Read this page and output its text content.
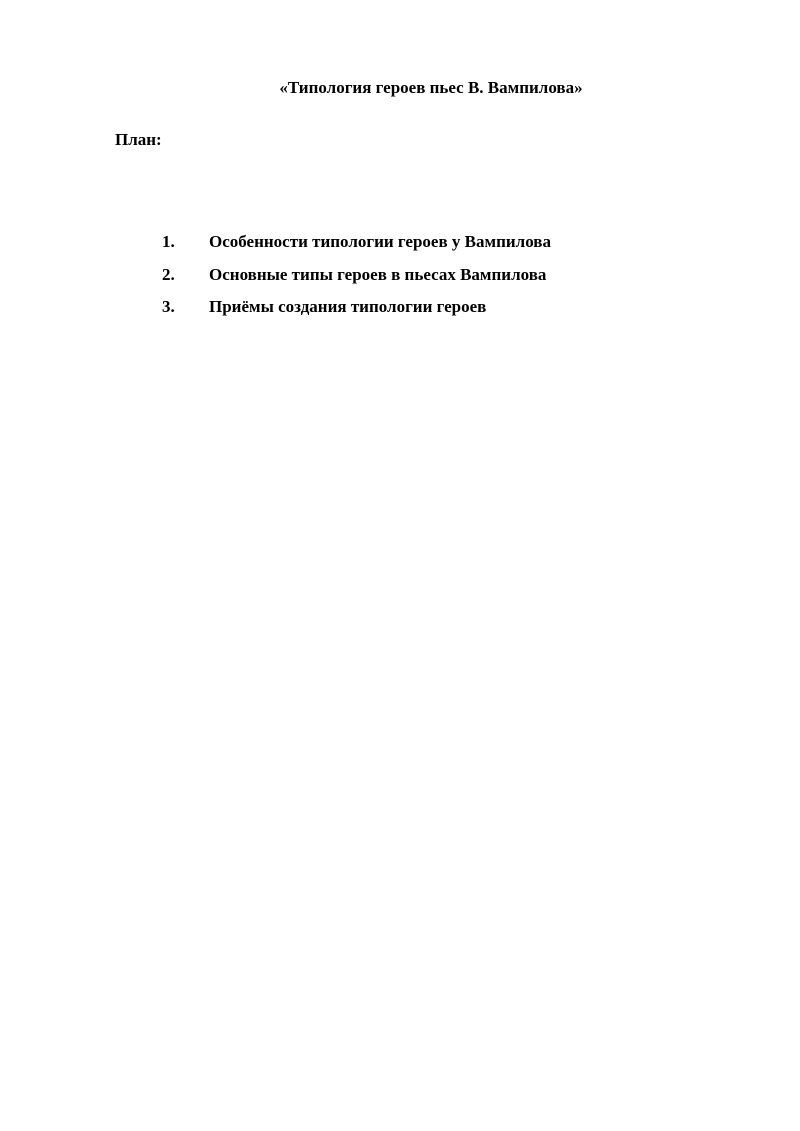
«Типология героев пьес В. Вампилова»
План:
1. Особенности типологии героев у Вампилова
2. Основные типы героев в пьесах Вампилова
3. Приёмы создания типологии героев
